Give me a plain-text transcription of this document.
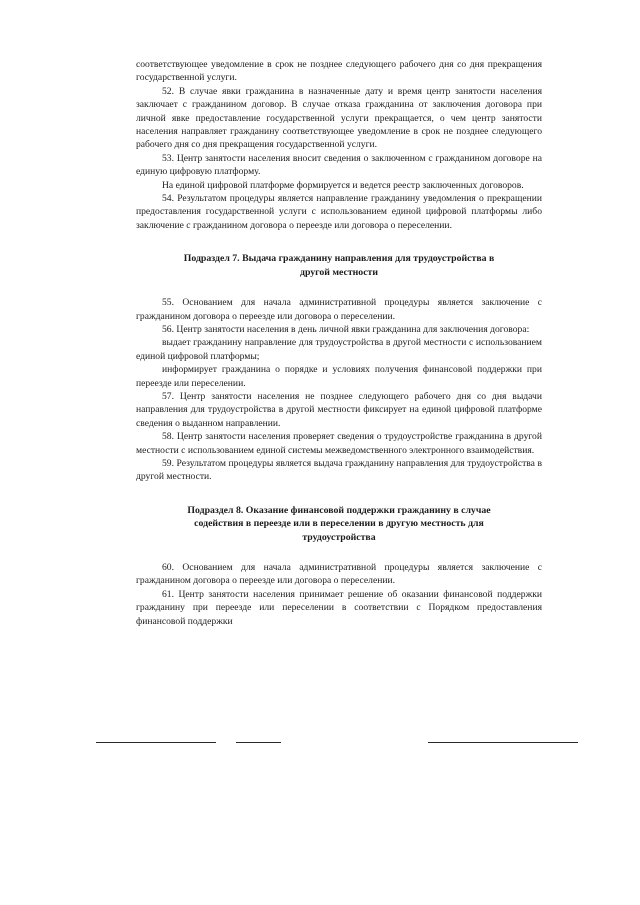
соответствующее уведомление в срок не позднее следующего рабочего дня со дня прекращения государственной услуги.

52. В случае явки гражданина в назначенные дату и время центр занятости населения заключает с гражданином договор. В случае отказа гражданина от заключения договора при личной явке предоставление государственной услуги прекращается, о чем центр занятости населения направляет гражданину соответствующее уведомление в срок не позднее следующего рабочего дня со дня прекращения государственной услуги.

53. Центр занятости населения вносит сведения о заключенном с гражданином договоре на единую цифровую платформу.

На единой цифровой платформе формируется и ведется реестр заключенных договоров.

54. Результатом процедуры является направление гражданину уведомления о прекращении предоставления государственной услуги с использованием единой цифровой платформы либо заключение с гражданином договора о переезде или договора о переселении.

Подраздел 7. Выдача гражданину направления для трудоустройства в
другой местности

55. Основанием для начала административной процедуры является заключение с гражданином договора о переезде или договора о переселении.

56. Центр занятости населения в день личной явки гражданина для заключения договора:

выдает гражданину направление для трудоустройства в другой местности с использованием единой цифровой платформы;

информирует гражданина о порядке и условиях получения финансовой поддержки при переезде или переселении.

57. Центр занятости населения не позднее следующего рабочего дня со дня выдачи направления для трудоустройства в другой местности фиксирует на единой цифровой платформе сведения о выданном направлении.

58. Центр занятости населения проверяет сведения о трудоустройстве гражданина в другой местности с использованием единой системы межведомственного электронного взаимодействия.

59. Результатом процедуры является выдача гражданину направления для трудоустройства в другой местности.

Подраздел 8. Оказание финансовой поддержки гражданину в случае
содействия в переезде или в переселении в другую местность для
трудоустройства

60. Основанием для начала административной процедуры является заключение с гражданином договора о переезде или договора о переселении.

61. Центр занятости населения принимает решение об оказании финансовой поддержки гражданину при переезде или переселении в соответствии с Порядком предоставления финансовой поддержки
